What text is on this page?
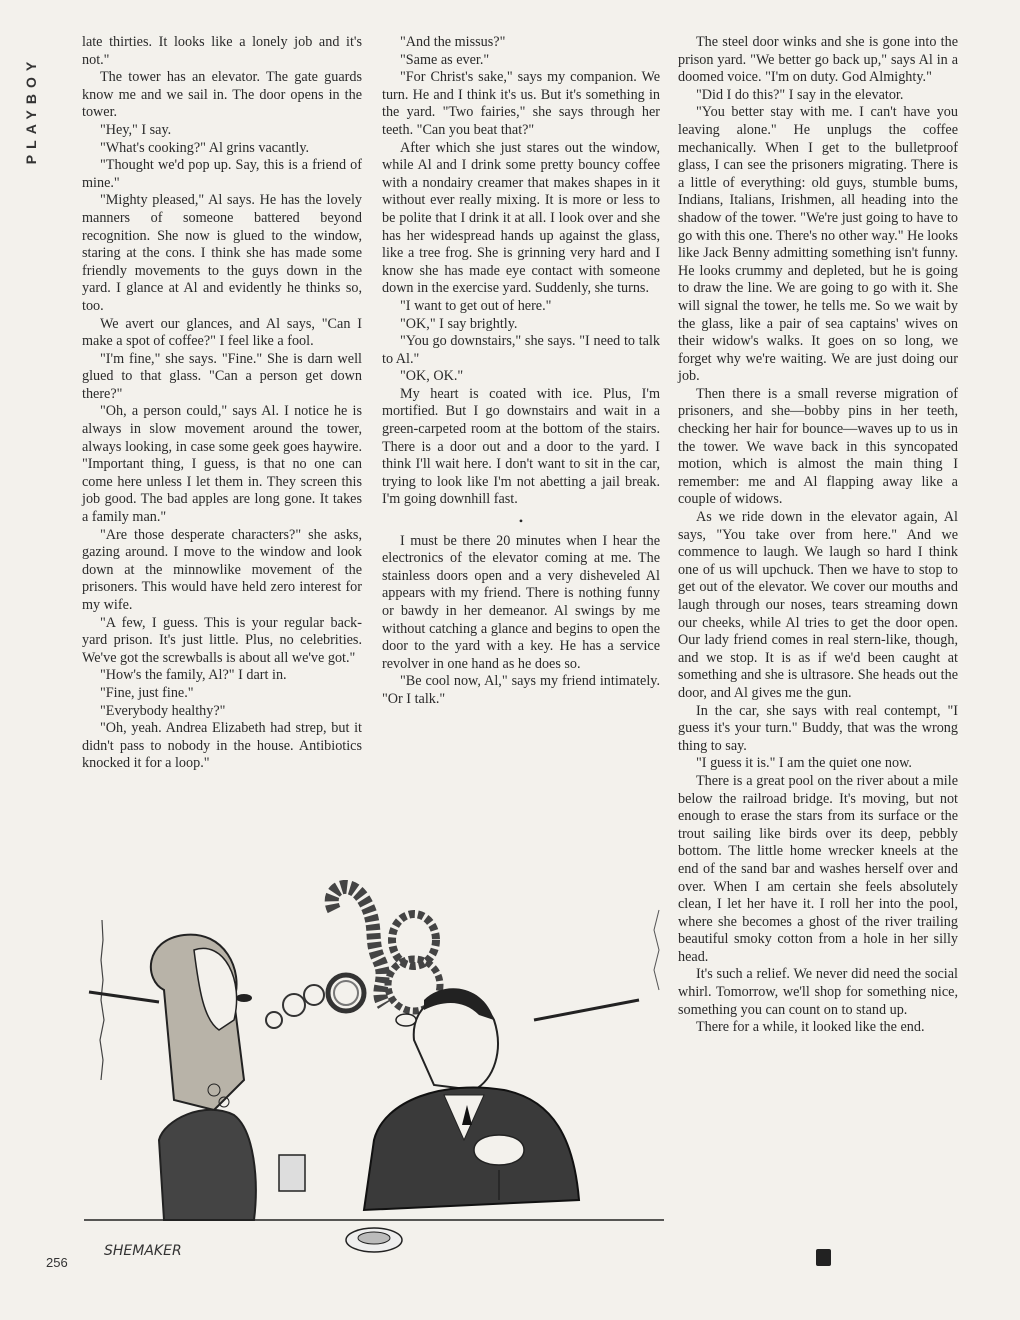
PLAYBOY

late thirties. It looks like a lonely job and it's not."

The tower has an elevator. The gate guards know me and we sail in. The door opens in the tower.

"Hey," I say.

"What's cooking?" Al grins vacantly.

"Thought we'd pop up. Say, this is a friend of mine."

"Mighty pleased," Al says. He has the lovely manners of someone battered beyond recognition. She now is glued to the window, staring at the cons. I think she has made some friendly movements to the guys down in the yard. I glance at Al and evidently he thinks so, too.

We avert our glances, and Al says, "Can I make a spot of coffee?" I feel like a fool.

"I'm fine," she says. "Fine." She is darn well glued to that glass. "Can a person get down there?"

"Oh, a person could," says Al. I notice he is always in slow movement around the tower, always looking, in case some geek goes haywire. "Important thing, I guess, is that no one can come here unless I let them in. They screen this job good. The bad apples are long gone. It takes a family man."

"Are those desperate characters?" she asks, gazing around. I move to the window and look down at the minnowlike movement of the prisoners. This would have held zero interest for my wife.

"A few, I guess. This is your regular back-yard prison. It's just little. Plus, no celebrities. We've got the screwballs is about all we've got."

"How's the family, Al?" I dart in.

"Fine, just fine."

"Everybody healthy?"

"Oh, yeah. Andrea Elizabeth had strep, but it didn't pass to nobody in the house. Antibiotics knocked it for a loop."

"And the missus?"

"Same as ever."

"For Christ's sake," says my companion. We turn. He and I think it's us. But it's something in the yard. "Two fairies," she says through her teeth. "Can you beat that?"

After which she just stares out the window, while Al and I drink some pretty bouncy coffee with a nondairy creamer that makes shapes in it without ever really mixing. It is more or less to be polite that I drink it at all. I look over and she has her widespread hands up against the glass, like a tree frog. She is grinning very hard and I know she has made eye contact with someone down in the exercise yard. Suddenly, she turns.

"I want to get out of here."

"OK," I say brightly.

"You go downstairs," she says. "I need to talk to Al."

"OK, OK."

My heart is coated with ice. Plus, I'm mortified. But I go downstairs and wait in a green-carpeted room at the bottom of the stairs. There is a door out and a door to the yard. I think I'll wait here. I don't want to sit in the car, trying to look like I'm not abetting a jail break. I'm going downhill fast.

•

I must be there 20 minutes when I hear the electronics of the elevator coming at me. The stainless doors open and a very disheveled Al appears with my friend. There is nothing funny or bawdy in her demeanor. Al swings by me without catching a glance and begins to open the door to the yard with a key. He has a service revolver in one hand as he does so.

"Be cool now, Al," says my friend intimately. "Or I talk."

The steel door winks and she is gone into the prison yard. "We better go back up," says Al in a doomed voice. "I'm on duty. God Almighty."

"Did I do this?" I say in the elevator.

"You better stay with me. I can't have you leaving alone." He unplugs the coffee mechanically. When I get to the bulletproof glass, I can see the prisoners migrating. There is a little of everything: old guys, stumble bums, Indians, Italians, Irishmen, all heading into the shadow of the tower. "We're just going to have to go with this one. There's no other way." He looks like Jack Benny admitting something isn't funny. He looks crummy and depleted, but he is going to draw the line. We are going to go with it. She will signal the tower, he tells me. So we wait by the glass, like a pair of sea captains' wives on their widow's walks. It goes on so long, we forget why we're waiting. We are just doing our job.

Then there is a small reverse migration of prisoners, and she—bobby pins in her teeth, checking her hair for bounce—waves up to us in the tower. We wave back in this syncopated motion, which is almost the main thing I remember: me and Al flapping away like a couple of widows.

As we ride down in the elevator again, Al says, "You take over from here." And we commence to laugh. We laugh so hard I think one of us will upchuck. Then we have to stop to get out of the elevator. We cover our mouths and laugh through our noses, tears streaming down our cheeks, while Al tries to get the door open. Our lady friend comes in real stern-like, though, and we stop. It is as if we'd been caught at something and she is ultrasore. She heads out the door, and Al gives me the gun.

In the car, she says with real contempt, "I guess it's your turn." Buddy, that was the wrong thing to say.

"I guess it is." I am the quiet one now.

There is a great pool on the river about a mile below the railroad bridge. It's moving, but not enough to erase the stars from its surface or the trout sailing like birds over its deep, pebbly bottom. The little home wrecker kneels at the end of the sand bar and washes herself over and over. When I am certain she feels absolutely clean, I let her have it. I roll her into the pool, where she becomes a ghost of the river trailing beautiful smoky cotton from a hole in her silly head.

It's such a relief. We never did need the social whirl. Tomorrow, we'll shop for something nice, something you can count on to stand up.

There for a while, it looked like the end.

SHEMAKER
256
